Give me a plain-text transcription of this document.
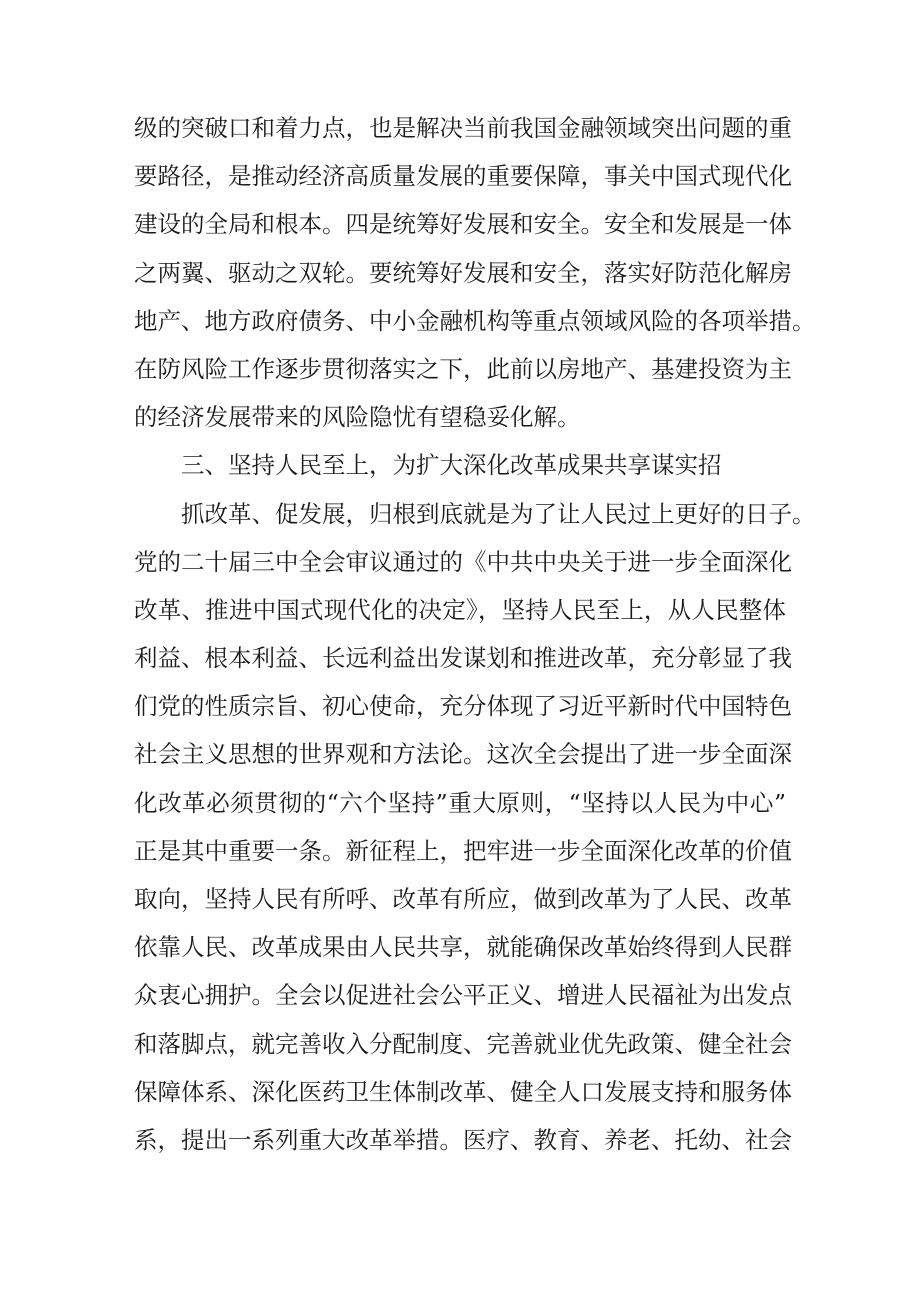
级的突破口和着力点，也是解决当前我国金融领域突出问题的重
要路径，是推动经济高质量发展的重要保障，事关中国式现代化
建设的全局和根本。四是统筹好发展和安全。安全和发展是一体
之两翼、驱动之双轮。要统筹好发展和安全，落实好防范化解房
地产、地方政府债务、中小金融机构等重点领域风险的各项举措。
在防风险工作逐步贯彻落实之下，此前以房地产、基建投资为主
的经济发展带来的风险隐忧有望稳妥化解。
三、坚持人民至上，为扩大深化改革成果共享谋实招
抓改革、促发展，归根到底就是为了让人民过上更好的日子。
党的二十届三中全会审议通过的《中共中央关于进一步全面深化
改革、推进中国式现代化的决定》，坚持人民至上，从人民整体
利益、根本利益、长远利益出发谋划和推进改革，充分彰显了我
们党的性质宗旨、初心使命，充分体现了习近平新时代中国特色
社会主义思想的世界观和方法论。这次全会提出了进一步全面深
化改革必须贯彻的“六个坚持”重大原则，“坚持以人民为中心”
正是其中重要一条。新征程上，把牢进一步全面深化改革的价值
取向，坚持人民有所呼、改革有所应，做到改革为了人民、改革
依靠人民、改革成果由人民共享，就能确保改革始终得到人民群
众衷心拥护。全会以促进社会公平正义、增进人民福祉为出发点
和落脚点，就完善收入分配制度、完善就业优先政策、健全社会
保障体系、深化医药卫生体制改革、健全人口发展支持和服务体
系，提出一系列重大改革举措。医疗、教育、养老、托幼、社会
